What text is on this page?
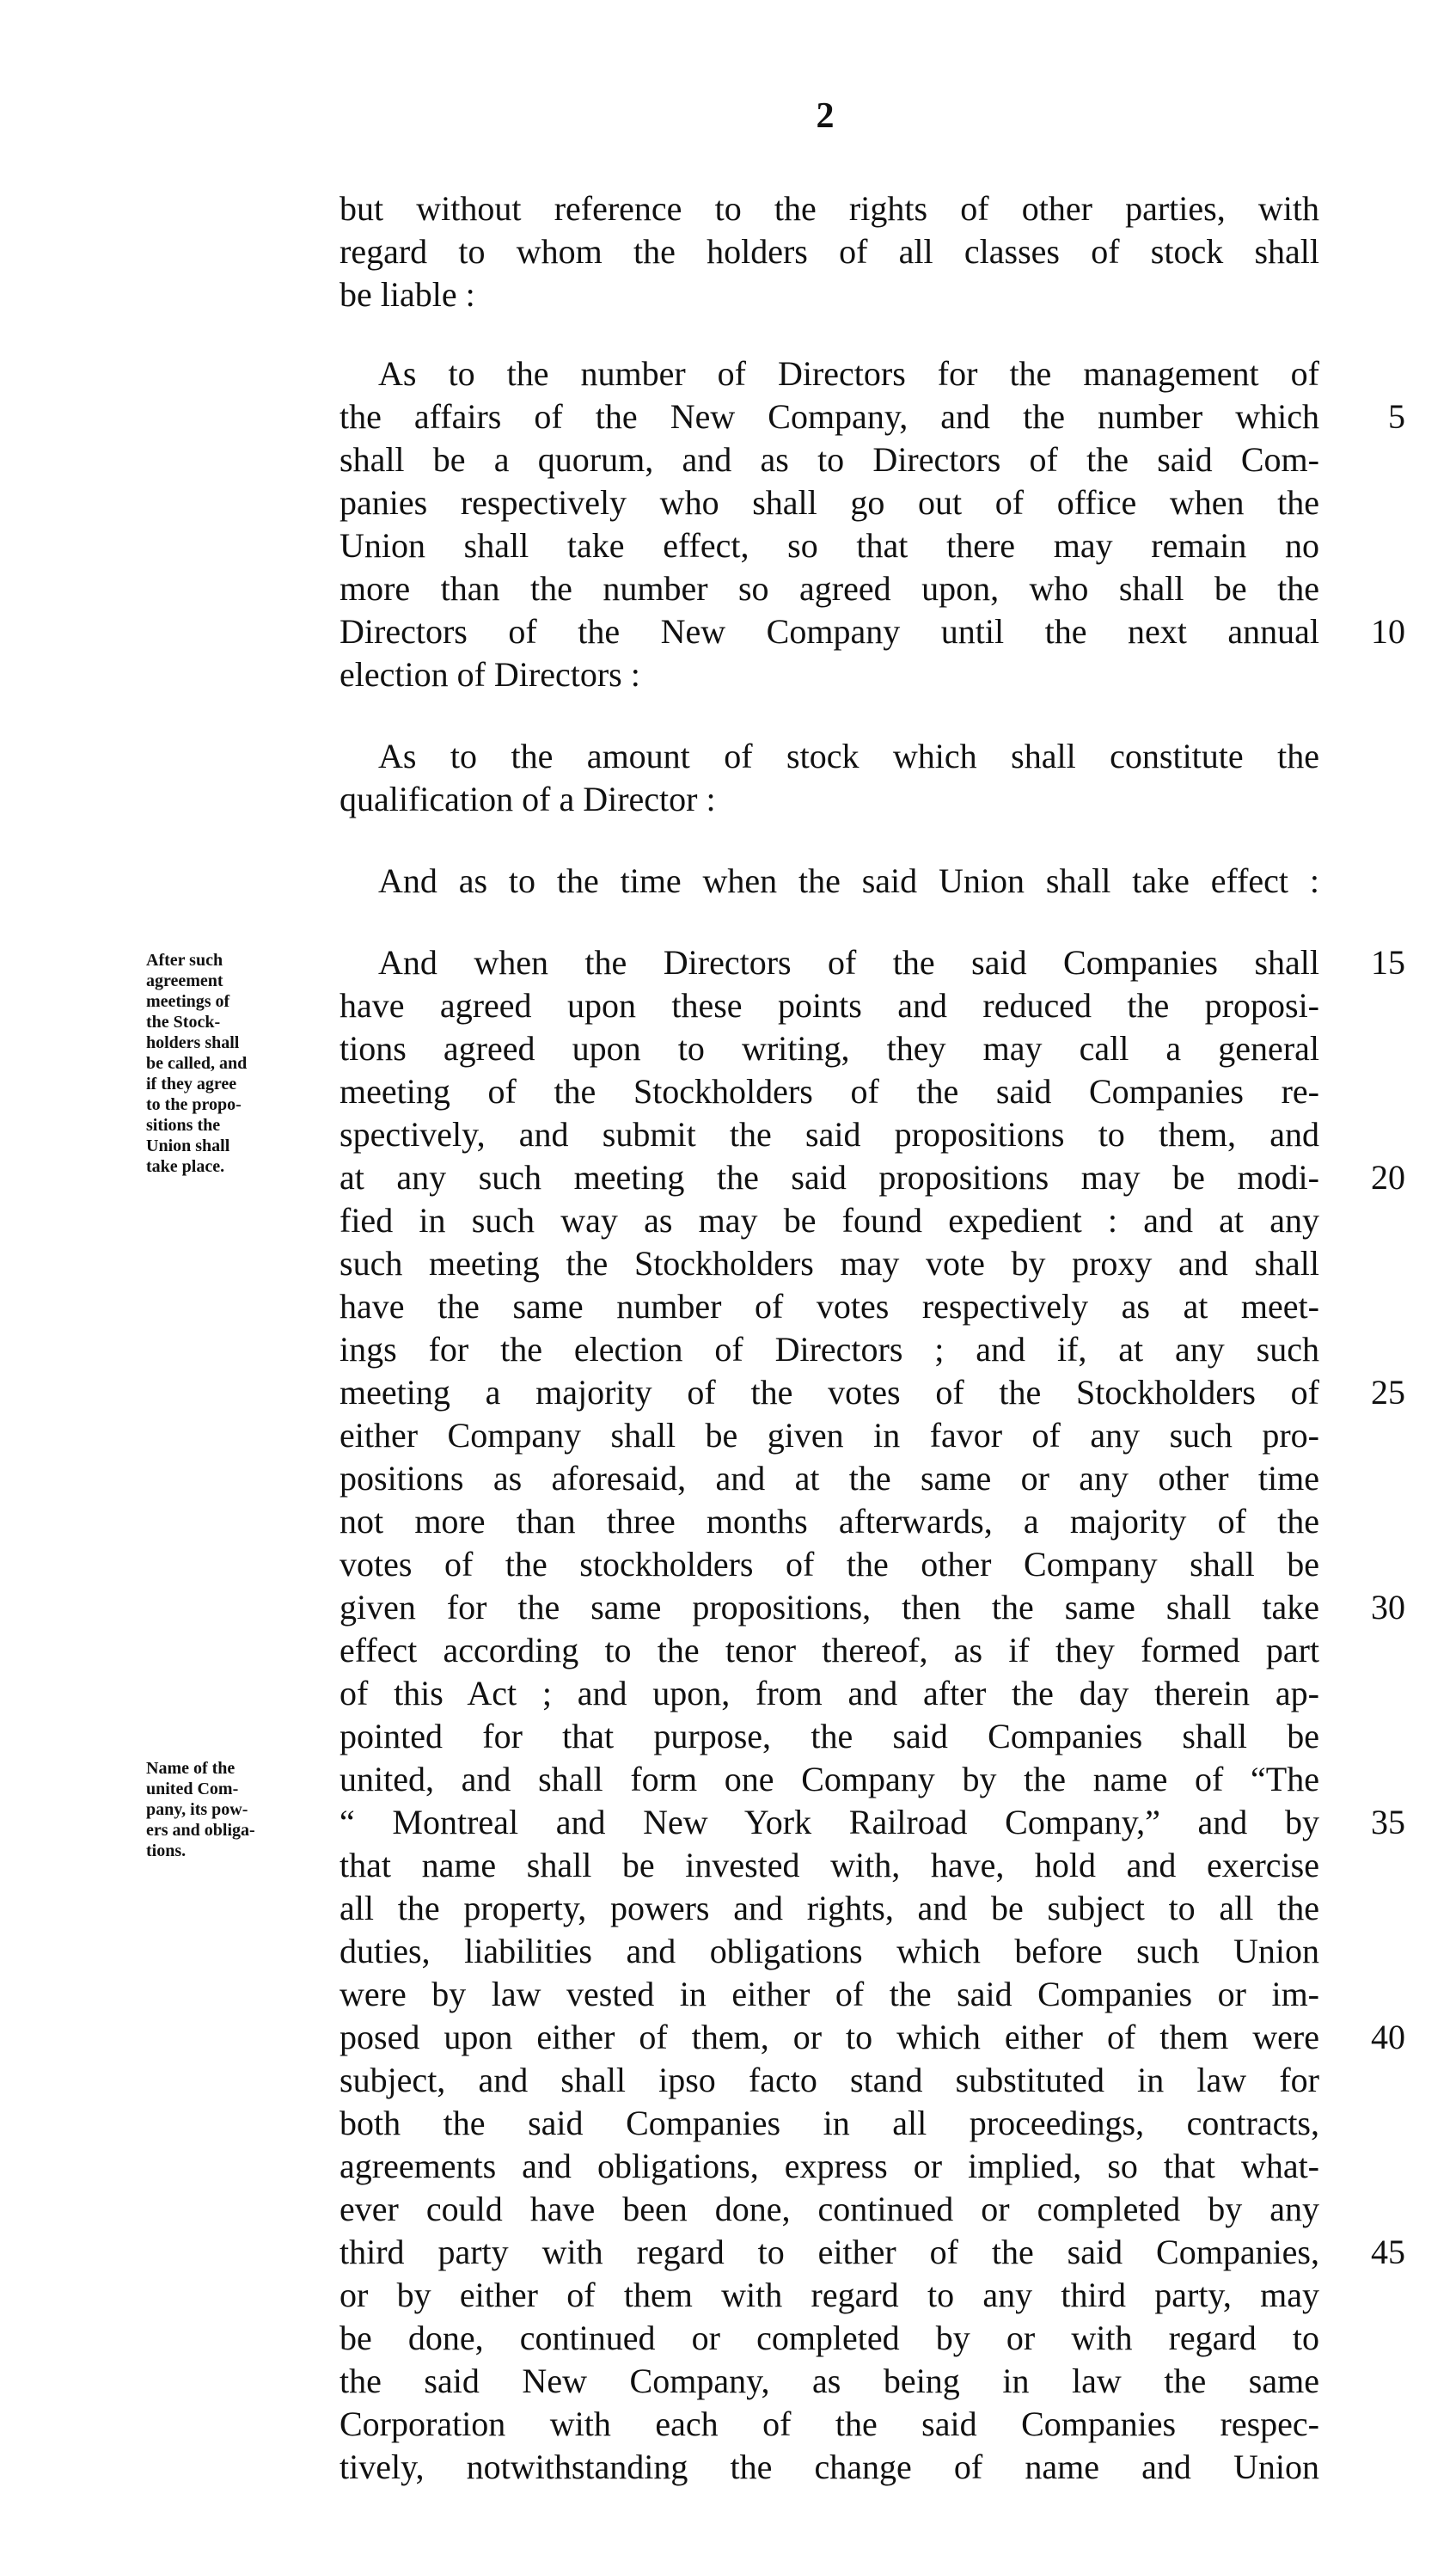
2
but without reference to the rights of other parties, with
regard to whom the holders of all classes of stock shall
be liable :
As to the number of Directors for the management of
the affairs of the New Company, and the number which
shall be a quorum, and as to Directors of the said Com-
panies respectively who shall go out of office when the
Union shall take effect, so that there may remain no
more than the number so agreed upon, who shall be the
Directors of the New Company until the next annual
election of Directors :
As to the amount of stock which shall constitute the
qualification of a Director :
And as to the time when the said Union shall take effect :
And when the Directors of the said Companies shall
have agreed upon these points and reduced the proposi-
tions agreed upon to writing, they may call a general
meeting of the Stockholders of the said Companies re-
spectively, and submit the said propositions to them, and
at any such meeting the said propositions may be modi-
fied in such way as may be found expedient : and at any
such meeting the Stockholders may vote by proxy and shall
have the same number of votes respectively as at meet-
ings for the election of Directors ; and if, at any such
meeting a majority of the votes of the Stockholders of
either Company shall be given in favor of any such pro-
positions as aforesaid, and at the same or any other time
not more than three months afterwards, a majority of the
votes of the stockholders of the other Company shall be
given for the same propositions, then the same shall take
effect according to the tenor thereof, as if they formed part
of this Act ; and upon, from and after the day therein ap-
pointed for that purpose, the said Companies shall be
united, and shall form one Company by the name of “The
“ Montreal and New York Railroad Company,” and by
that name shall be invested with, have, hold and exercise
all the property, powers and rights, and be subject to all the
duties, liabilities and obligations which before such Union
were by law vested in either of the said Companies or im-
posed upon either of them, or to which either of them were
subject, and shall ipso facto stand substituted in law for
both the said Companies in all proceedings, contracts,
agreements and obligations, express or implied, so that what-
ever could have been done, continued or completed by any
third party with regard to either of the said Companies,
or by either of them with regard to any third party, may
be done, continued or completed by or with regard to
the said New Company, as being in law the same
Corporation with each of the said Companies respec-
tively, notwithstanding the change of name and Union
5
10
15
20
25
30
35
40
45
After such
agreement
meetings of
the Stock-
holders shall
be called, and
if they agree
to the propo-
sitions the
Union shall
take place.
Name of the
united Com-
pany, its pow-
ers and obliga-
tions.
